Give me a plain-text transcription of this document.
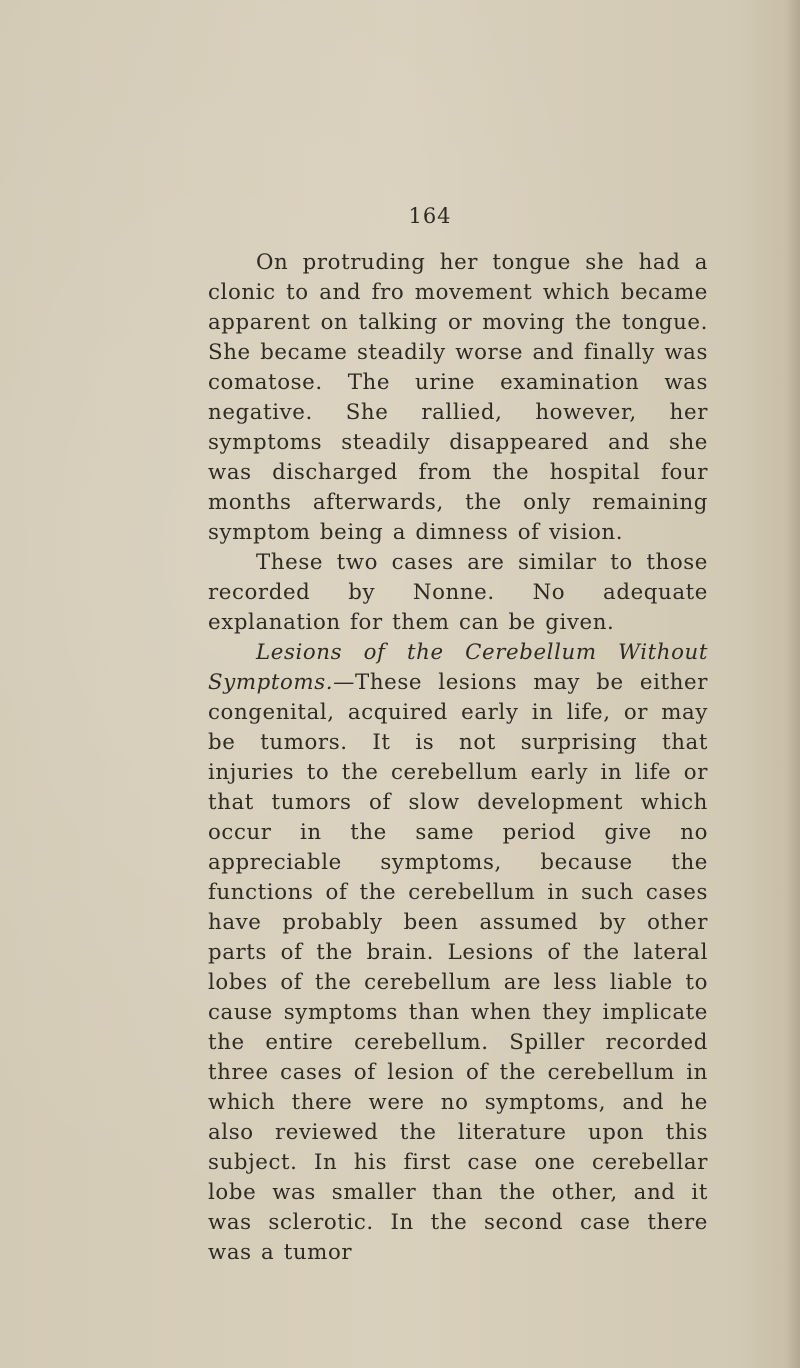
164

On protruding her tongue she had a clonic to and fro movement which became apparent on talking or moving the tongue. She became steadily worse and finally was comatose. The urine examination was negative. She rallied, however, her symptoms steadily disappeared and she was discharged from the hospital four months afterwards, the only remaining symptom being a dimness of vision.

These two cases are similar to those recorded by Nonne. No adequate explanation for them can be given.

Lesions of the Cerebellum Without Symptoms.—These lesions may be either congenital, acquired early in life, or may be tumors. It is not surprising that injuries to the cerebellum early in life or that tumors of slow development which occur in the same period give no appreciable symptoms, because the functions of the cerebellum in such cases have probably been assumed by other parts of the brain. Lesions of the lateral lobes of the cerebellum are less liable to cause symptoms than when they implicate the entire cerebellum. Spiller recorded three cases of lesion of the cerebellum in which there were no symptoms, and he also reviewed the literature upon this subject. In his first case one cerebellar lobe was smaller than the other, and it was sclerotic. In the second case there was a tumor
